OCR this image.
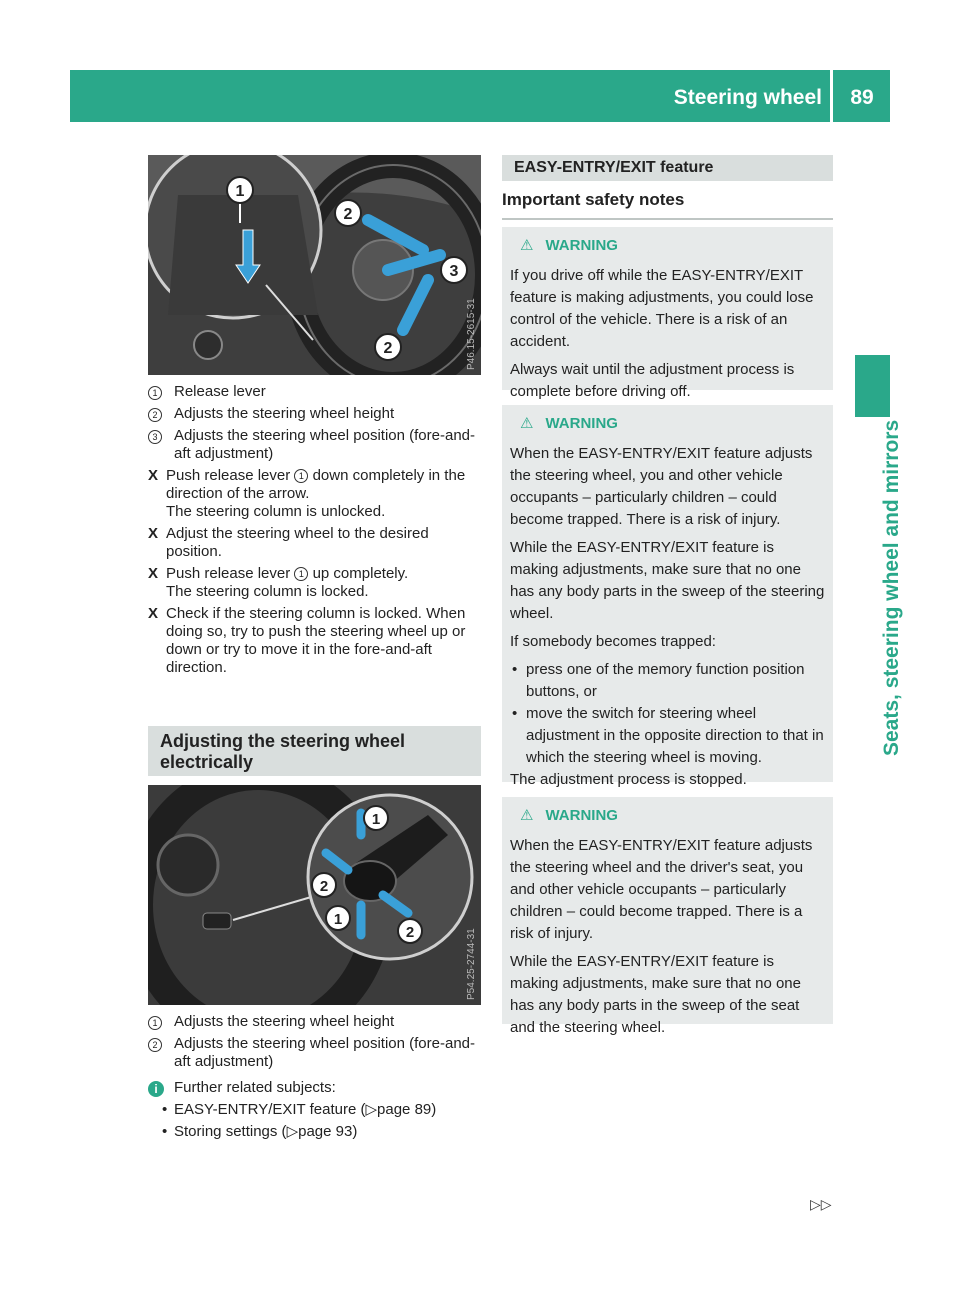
Steering wheel	89
Seats, steering wheel and mirrors
1
2
3
2	P46.15-2615-31
1	Release lever
2	Adjusts the steering wheel height
3	Adjusts the steering wheel position (fore-and-aft adjustment)
X Push release lever 1 down completely in the direction of the arrow.
The steering column is unlocked.
X Adjust the steering wheel to the desired position.
X Push release lever 1 up completely.
The steering column is locked.
X Check if the steering column is locked. When doing so, try to push the steering wheel up or down or try to move it in the fore-and-aft direction.
Adjusting the steering wheel electrically
1
2
1
2	P54.25-2744-31
1	Adjusts the steering wheel height
2	Adjusts the steering wheel position (fore-and-aft adjustment)
i	Further related subjects:
• EASY-ENTRY/EXIT feature (▷page 89)
• Storing settings (▷page 93)
EASY-ENTRY/EXIT feature
Important safety notes
⚠ WARNING

If you drive off while the EASY-ENTRY/EXIT feature is making adjustments, you could lose control of the vehicle. There is a risk of an accident.

Always wait until the adjustment process is complete before driving off.

⚠ WARNING

When the EASY-ENTRY/EXIT feature adjusts the steering wheel, you and other vehicle occupants – particularly children – could become trapped. There is a risk of injury.

While the EASY-ENTRY/EXIT feature is making adjustments, make sure that no one has any body parts in the sweep of the steering wheel.

If somebody becomes trapped:

• press one of the memory function position buttons, or
• move the switch for steering wheel adjustment in the opposite direction to that in which the steering wheel is moving.

The adjustment process is stopped.

⚠ WARNING

When the EASY-ENTRY/EXIT feature adjusts the steering wheel and the driver's seat, you and other vehicle occupants – particularly children – could become trapped. There is a risk of injury.

While the EASY-ENTRY/EXIT feature is making adjustments, make sure that no one has any body parts in the sweep of the seat and the steering wheel.

▷▷
